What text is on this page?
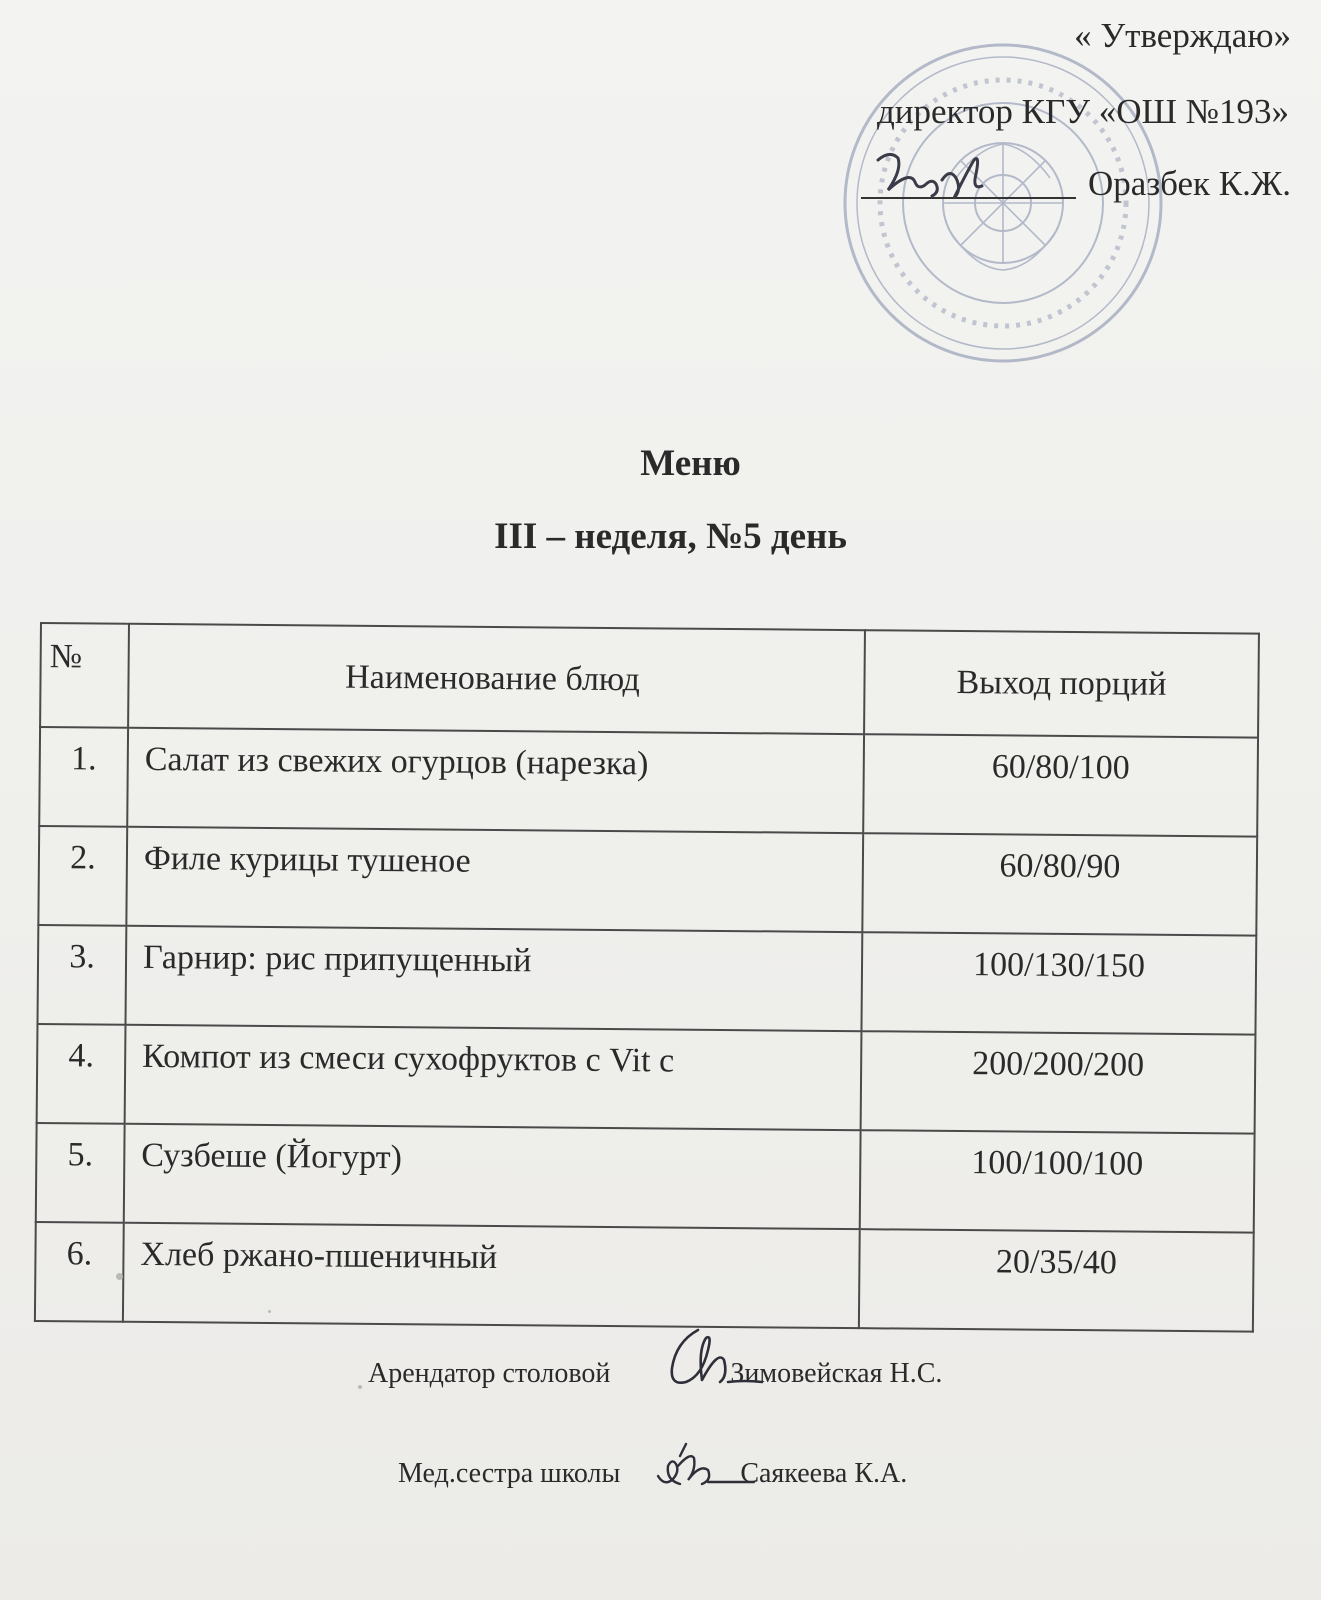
« Утверждаю»
директор КГУ «ОШ №193»
Оразбек К.Ж.
Меню
III – неделя, №5 день
№	Наименование блюд	Выход порций
1.	Салат из свежих огурцов (нарезка)	60/80/100
2.	Филе курицы тушеное	60/80/90
3.	Гарнир: рис припущенный	100/130/150
4.	Компот из смеси сухофруктов с Vit c	200/200/200
5.	Сузбеше (Йогурт)	100/100/100
6.	Хлеб ржано-пшеничный	20/35/40
Арендатор столовой	Зимовейская Н.С.
Мед.сестра школы	Саякеева К.А.
